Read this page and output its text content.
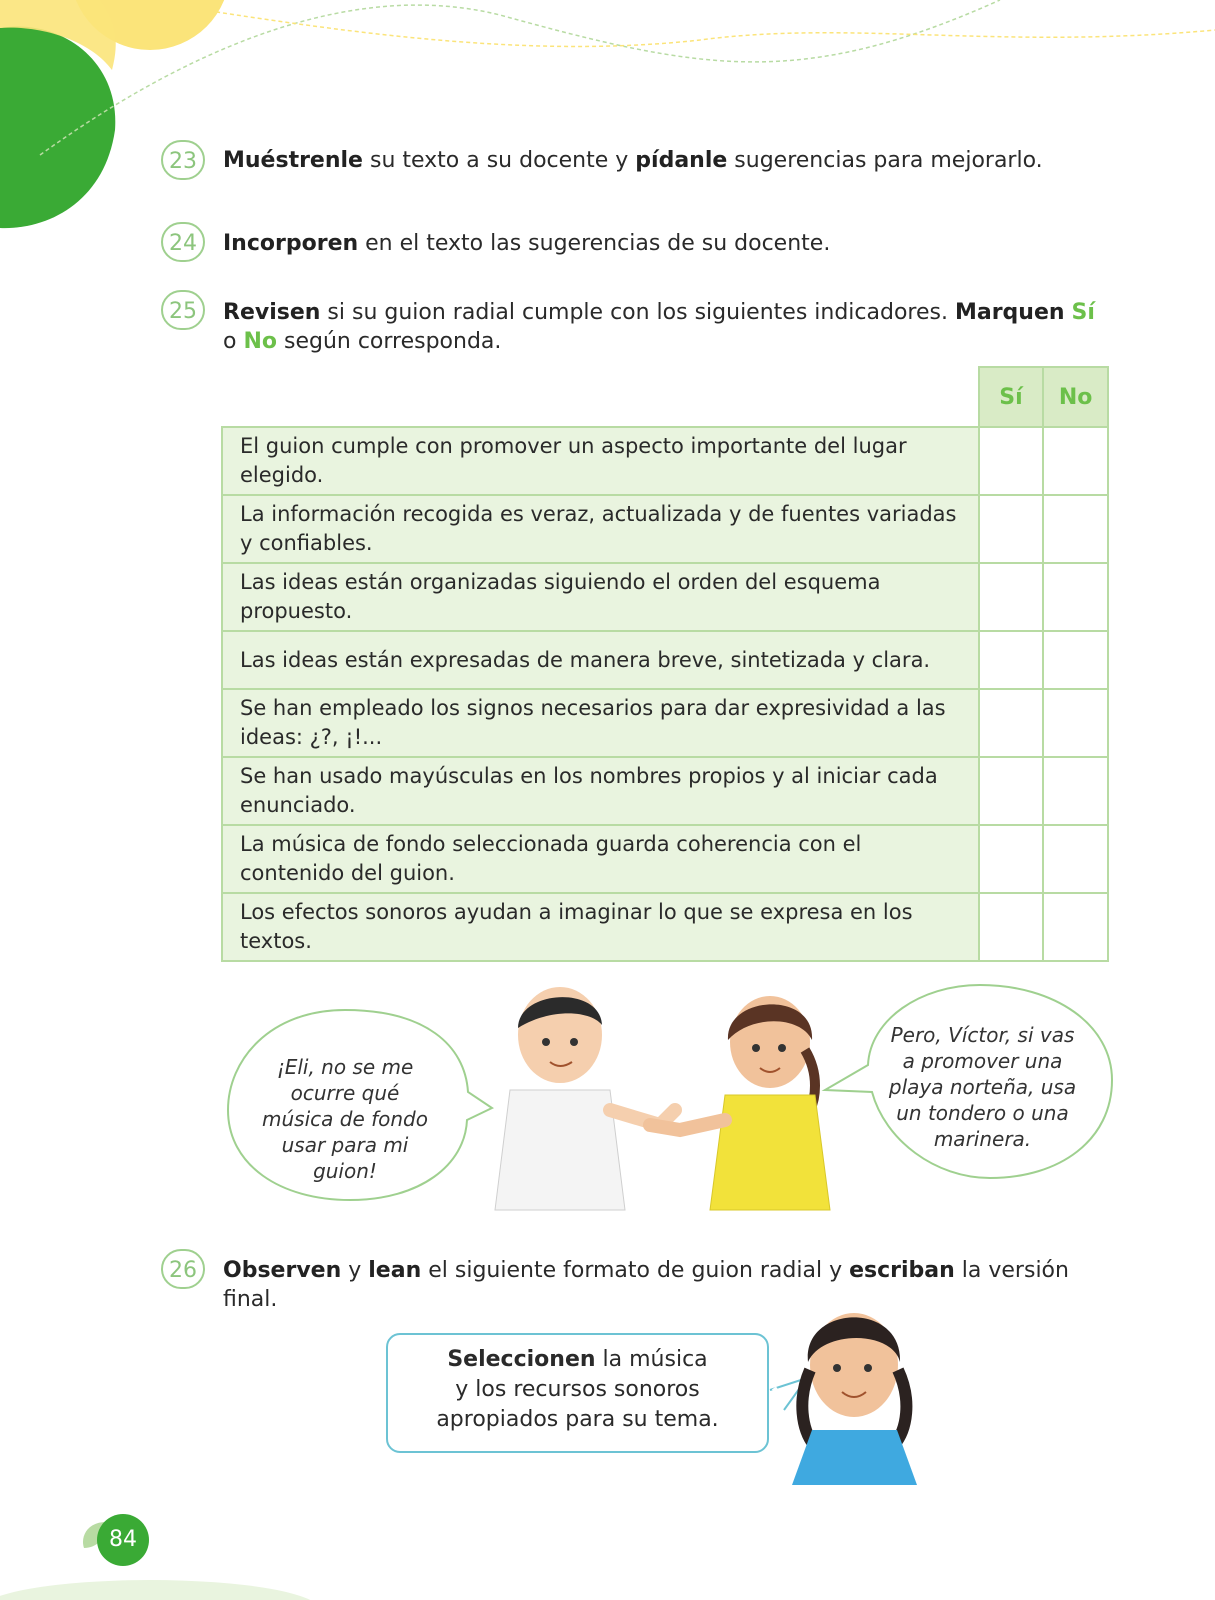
23	Muéstrenle su texto a su docente y pídanle sugerencias para mejorarlo.
24	Incorporen en el texto las sugerencias de su docente.
25	Revisen si su guion radial cumple con los siguientes indicadores. Marquen Sí o No según corresponda.
	Sí	No
El guion cumple con promover un aspecto importante del lugar elegido.		
La información recogida es veraz, actualizada y de fuentes variadas y confiables.		
Las ideas están organizadas siguiendo el orden del esquema propuesto.		
Las ideas están expresadas de manera breve, sintetizada y clara.		
Se han empleado los signos necesarios para dar expresividad a las ideas: ¿?, ¡!...		
Se han usado mayúsculas en los nombres propios y al iniciar cada enunciado.		
La música de fondo seleccionada guarda coherencia con el contenido del guion.		
Los efectos sonoros ayudan a imaginar lo que se expresa en los textos.		
¡Eli, no se me
ocurre qué
música de fondo
usar para mi
guion!
Pero, Víctor, si vas
a promover una
playa norteña, usa
un tondero o una
marinera.
26	Observen y lean el siguiente formato de guion radial y escriban la versión final.
Seleccionen la música
y los recursos sonoros
apropiados para su tema.
84
